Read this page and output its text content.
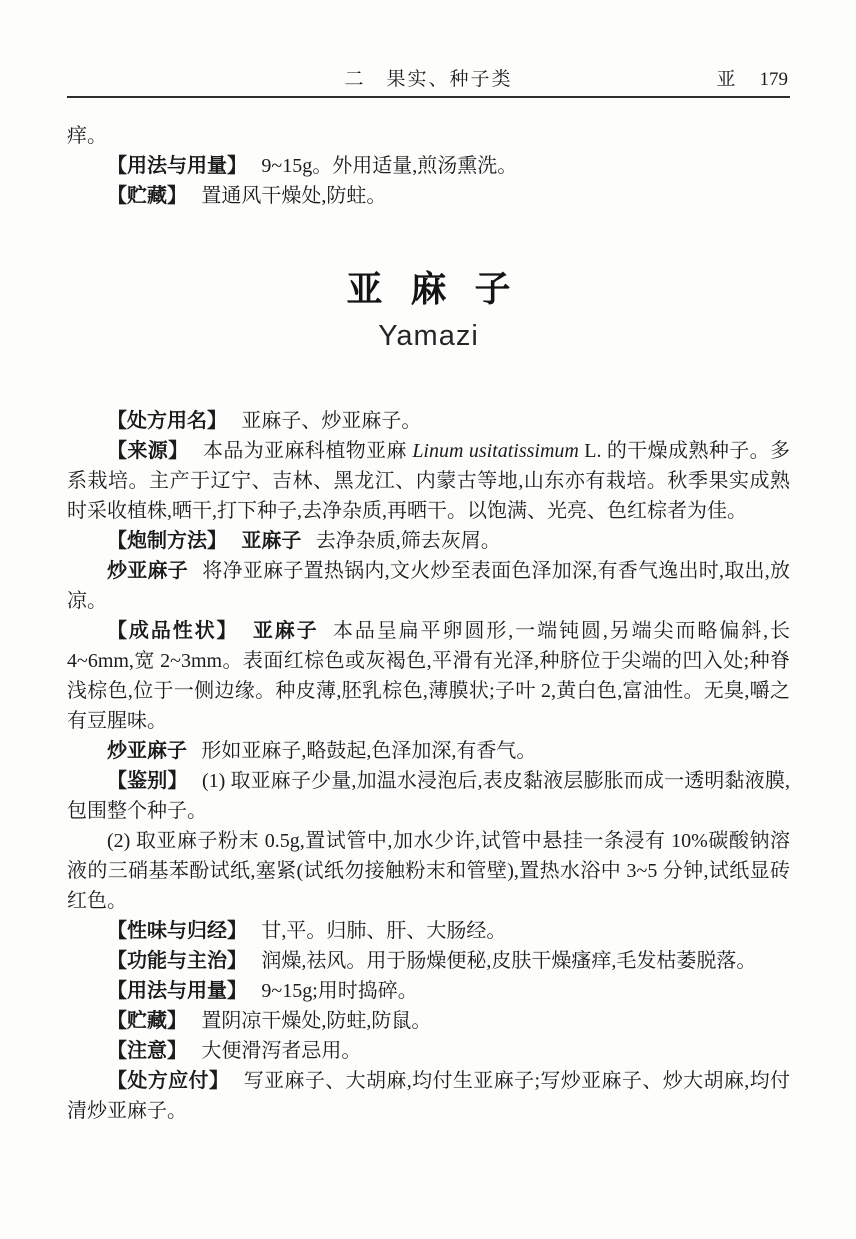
二　果实、种子类	亚 179

痒。

【用法与用量】 9~15g。外用适量,煎汤熏洗。

【贮藏】 置通风干燥处,防蛀。

亚麻子
Yamazi

【处方用名】 亚麻子、炒亚麻子。

【来源】 本品为亚麻科植物亚麻 Linum usitatissimum L. 的干燥成熟种子。多系栽培。主产于辽宁、吉林、黑龙江、内蒙古等地,山东亦有栽培。秋季果实成熟时采收植株,晒干,打下种子,去净杂质,再晒干。以饱满、光亮、色红棕者为佳。

【炮制方法】 亚麻子 去净杂质,筛去灰屑。

炒亚麻子 将净亚麻子置热锅内,文火炒至表面色泽加深,有香气逸出时,取出,放凉。

【成品性状】 亚麻子 本品呈扁平卵圆形,一端钝圆,另端尖而略偏斜,长 4~6mm,宽 2~3mm。表面红棕色或灰褐色,平滑有光泽,种脐位于尖端的凹入处;种脊浅棕色,位于一侧边缘。种皮薄,胚乳棕色,薄膜状;子叶 2,黄白色,富油性。无臭,嚼之有豆腥味。

炒亚麻子 形如亚麻子,略鼓起,色泽加深,有香气。

【鉴别】 (1) 取亚麻子少量,加温水浸泡后,表皮黏液层膨胀而成一透明黏液膜,包围整个种子。

(2) 取亚麻子粉末 0.5g,置试管中,加水少许,试管中悬挂一条浸有 10%碳酸钠溶液的三硝基苯酚试纸,塞紧(试纸勿接触粉末和管壁),置热水浴中 3~5 分钟,试纸显砖红色。

【性味与归经】 甘,平。归肺、肝、大肠经。

【功能与主治】 润燥,祛风。用于肠燥便秘,皮肤干燥瘙痒,毛发枯萎脱落。

【用法与用量】 9~15g;用时捣碎。

【贮藏】 置阴凉干燥处,防蛀,防鼠。

【注意】 大便滑泻者忌用。

【处方应付】 写亚麻子、大胡麻,均付生亚麻子;写炒亚麻子、炒大胡麻,均付清炒亚麻子。
